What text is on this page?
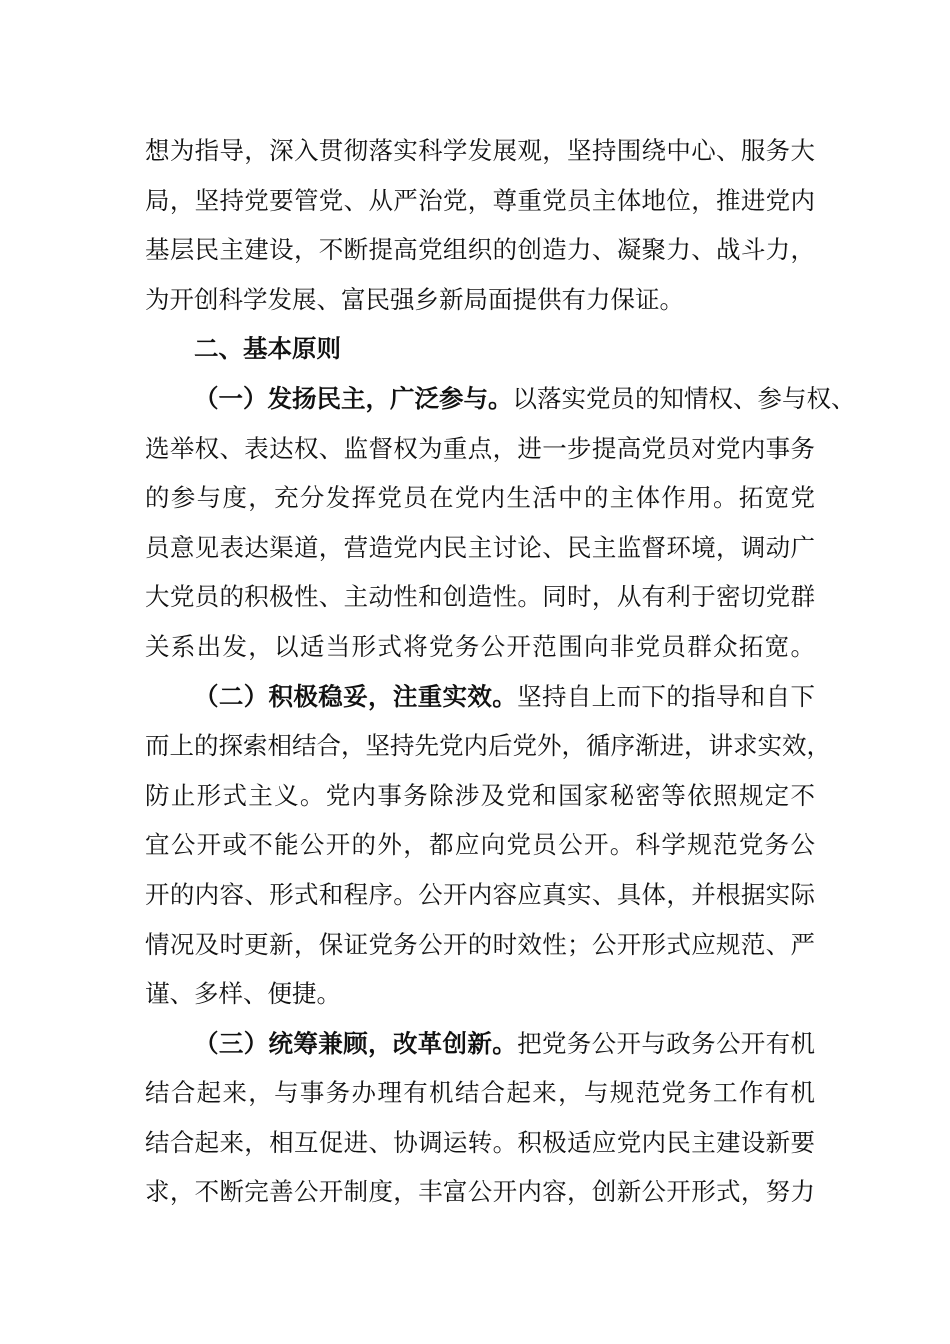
想为指导，深入贯彻落实科学发展观，坚持围绕中心、服务大
局，坚持党要管党、从严治党，尊重党员主体地位，推进党内
基层民主建设，不断提高党组织的创造力、凝聚力、战斗力，
为开创科学发展、富民强乡新局面提供有力保证。
二、基本原则
（一）发扬民主，广泛参与。以落实党员的知情权、参与权、
选举权、表达权、监督权为重点，进一步提高党员对党内事务
的参与度，充分发挥党员在党内生活中的主体作用。拓宽党
员意见表达渠道，营造党内民主讨论、民主监督环境，调动广
大党员的积极性、主动性和创造性。同时，从有利于密切党群
关系出发，以适当形式将党务公开范围向非党员群众拓宽。
（二）积极稳妥，注重实效。坚持自上而下的指导和自下
而上的探索相结合，坚持先党内后党外，循序渐进，讲求实效，
防止形式主义。党内事务除涉及党和国家秘密等依照规定不
宜公开或不能公开的外，都应向党员公开。科学规范党务公
开的内容、形式和程序。公开内容应真实、具体，并根据实际
情况及时更新，保证党务公开的时效性；公开形式应规范、严
谨、多样、便捷。
（三）统筹兼顾，改革创新。把党务公开与政务公开有机
结合起来，与事务办理有机结合起来，与规范党务工作有机
结合起来，相互促进、协调运转。积极适应党内民主建设新要
求，不断完善公开制度，丰富公开内容，创新公开形式，努力
